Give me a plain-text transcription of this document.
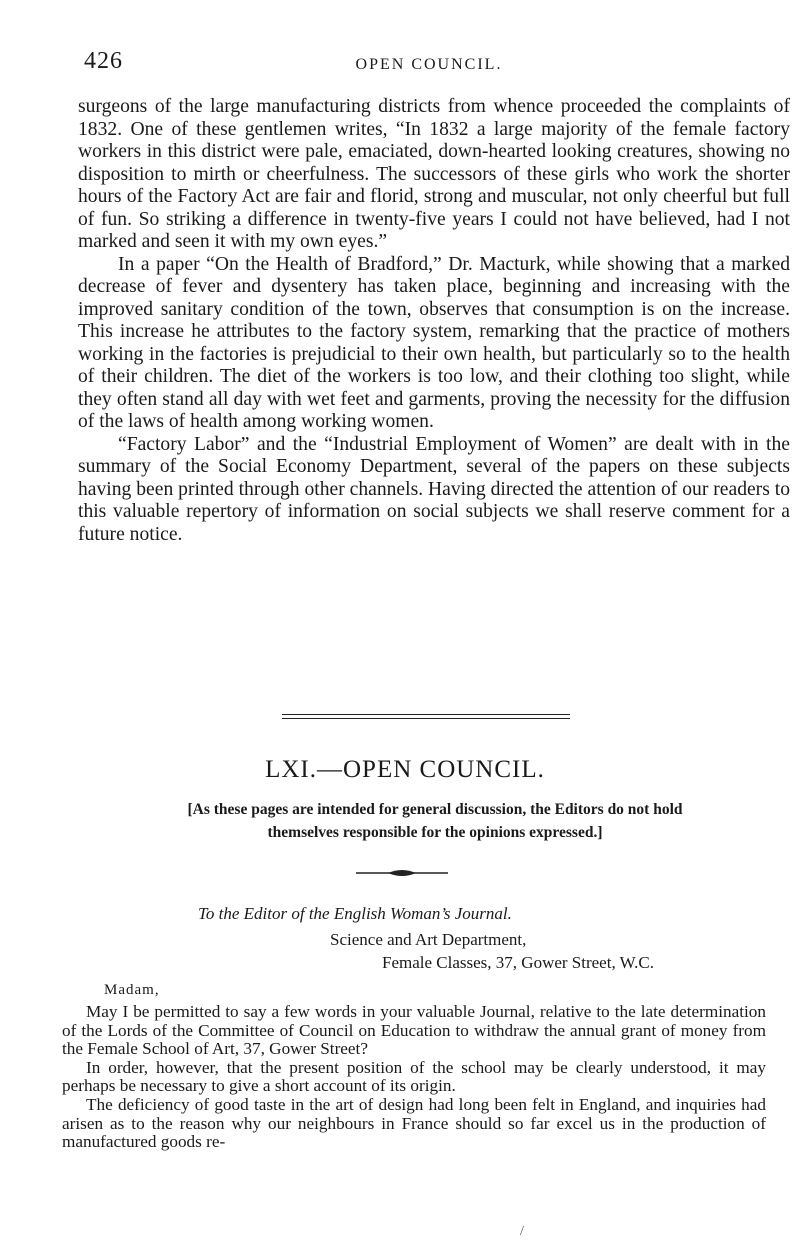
426	OPEN COUNCIL.

surgeons of the large manufacturing districts from whence proceeded the complaints of 1832. One of these gentlemen writes, “In 1832 a large majority of the female factory workers in this district were pale, emaciated, down-hearted looking creatures, showing no disposition to mirth or cheerfulness. The successors of these girls who work the shorter hours of the Factory Act are fair and florid, strong and muscular, not only cheerful but full of fun. So striking a difference in twenty-five years I could not have believed, had I not marked and seen it with my own eyes.”

In a paper “On the Health of Bradford,” Dr. Macturk, while showing that a marked decrease of fever and dysentery has taken place, beginning and increasing with the improved sanitary condition of the town, observes that consumption is on the increase. This increase he attributes to the factory system, remarking that the practice of mothers working in the factories is prejudicial to their own health, but particularly so to the health of their children. The diet of the workers is too low, and their clothing too slight, while they often stand all day with wet feet and garments, proving the necessity for the diffusion of the laws of health among working women.

“Factory Labor” and the “Industrial Employment of Women” are dealt with in the summary of the Social Economy Department, several of the papers on these subjects having been printed through other channels. Having directed the attention of our readers to this valuable repertory of information on social subjects we shall reserve comment for a future notice.

LXI.—OPEN COUNCIL.
[As these pages are intended for general discussion, the Editors do not hold
themselves responsible for the opinions expressed.]
To the Editor of the English Woman’s Journal.
Science and Art Department,
Female Classes, 37, Gower Street, W.C.
Madam,

May I be permitted to say a few words in your valuable Journal, relative to the late determination of the Lords of the Committee of Council on Education to withdraw the annual grant of money from the Female School of Art, 37, Gower Street?

In order, however, that the present position of the school may be clearly understood, it may perhaps be necessary to give a short account of its origin.

The deficiency of good taste in the art of design had long been felt in England, and inquiries had arisen as to the reason why our neighbours in France should so far excel us in the production of manufactured goods re-

/
